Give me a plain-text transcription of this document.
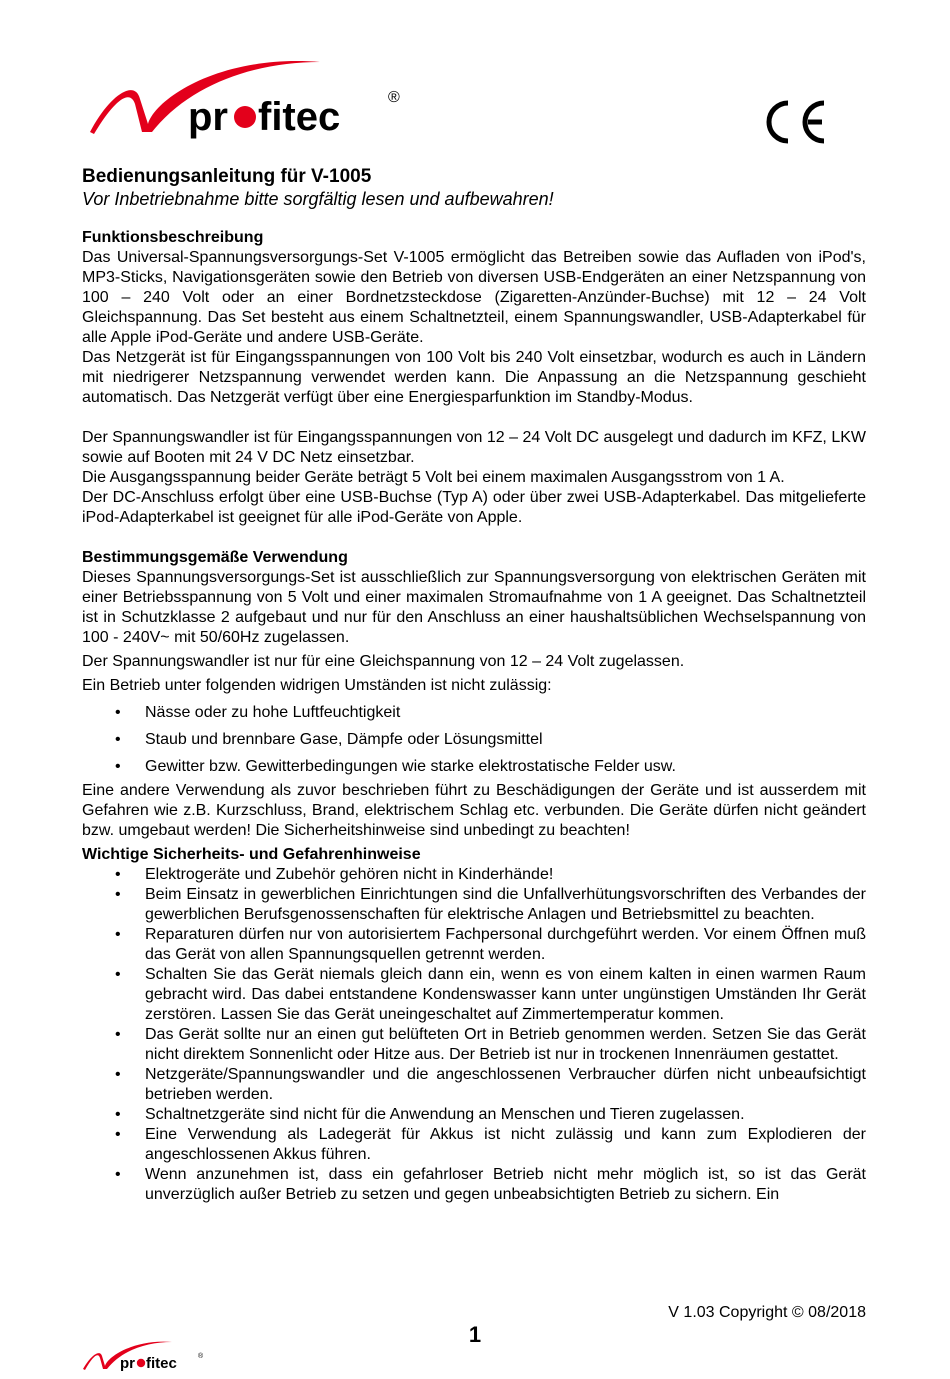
pr fitec	®
Bedienungsanleitung für V-1005
Vor Inbetriebnahme bitte sorgfältig lesen und aufbewahren!
Funktionsbeschreibung

Das Universal-Spannungsversorgungs-Set V-1005 ermöglicht das Betreiben sowie das Aufladen von iPod's, MP3-Sticks, Navigationsgeräten sowie den Betrieb von diversen USB-Endgeräten an einer Netzspannung von 100 – 240 Volt oder an einer Bordnetzsteckdose (Zigaretten-Anzünder-Buchse) mit 12 – 24 Volt Gleichspannung. Das Set besteht aus einem Schaltnetzteil, einem Spannungswandler, USB-Adapterkabel für alle Apple iPod-Geräte und andere USB-Geräte.

Das Netzgerät ist für Eingangsspannungen von 100 Volt bis 240 Volt einsetzbar, wodurch es auch in Ländern mit niedrigerer Netzspannung verwendet werden kann. Die Anpassung an die Netzspannung geschieht automatisch. Das Netzgerät verfügt über eine Energiesparfunktion im Standby-Modus.

Der Spannungswandler ist für Eingangsspannungen von 12 – 24 Volt DC ausgelegt und dadurch im KFZ, LKW sowie auf Booten mit 24 V DC Netz einsetzbar.

Die Ausgangsspannung beider Geräte beträgt 5 Volt bei einem maximalen Ausgangsstrom von 1 A.

Der DC-Anschluss erfolgt über eine USB-Buchse (Typ A) oder über zwei USB-Adapterkabel. Das mitgelieferte iPod-Adapterkabel ist geeignet für alle iPod-Geräte von Apple.

Bestimmungsgemäße Verwendung

Dieses Spannungsversorgungs-Set ist ausschließlich zur Spannungsversorgung von elektrischen Geräten mit einer Betriebsspannung von 5 Volt und einer maximalen Stromaufnahme von 1 A geeignet. Das Schaltnetzteil ist in Schutzklasse 2 aufgebaut und nur für den Anschluss an einer haushaltsüblichen Wechselspannung von 100 - 240V~ mit 50/60Hz zugelassen.

Der Spannungswandler ist nur für eine Gleichspannung von 12 – 24 Volt zugelassen.

Ein Betrieb unter folgenden widrigen Umständen ist nicht zulässig:

• Nässe oder zu hohe Luftfeuchtigkeit
• Staub und brennbare Gase, Dämpfe oder Lösungsmittel
• Gewitter bzw. Gewitterbedingungen wie starke elektrostatische Felder usw.

Eine andere Verwendung als zuvor beschrieben führt zu Beschädigungen der Geräte und ist ausserdem mit Gefahren wie z.B. Kurzschluss, Brand, elektrischem Schlag etc. verbunden. Die Geräte dürfen nicht geändert bzw. umgebaut werden! Die Sicherheitshinweise sind unbedingt zu beachten!

Wichtige Sicherheits- und Gefahrenhinweise
• Elektrogeräte und Zubehör gehören nicht in Kinderhände!
• Beim Einsatz in gewerblichen Einrichtungen sind die Unfallverhütungsvorschriften des Verbandes der gewerblichen Berufsgenossenschaften für elektrische Anlagen und Betriebsmittel zu beachten.
• Reparaturen dürfen nur von autorisiertem Fachpersonal durchgeführt werden. Vor einem Öffnen muß das Gerät von allen Spannungsquellen getrennt werden.
• Schalten Sie das Gerät niemals gleich dann ein, wenn es von einem kalten in einen warmen Raum gebracht wird. Das dabei entstandene Kondenswasser kann unter ungünstigen Umständen Ihr Gerät zerstören. Lassen Sie das Gerät uneingeschaltet auf Zimmertemperatur kommen.
• Das Gerät sollte nur an einen gut belüfteten Ort in Betrieb genommen werden. Setzen Sie das Gerät nicht direktem Sonnenlicht oder Hitze aus. Der Betrieb ist nur in trockenen Innenräumen gestattet.
• Netzgeräte/Spannungswandler und die angeschlossenen Verbraucher dürfen nicht unbeaufsichtigt betrieben werden.
• Schaltnetzgeräte sind nicht für die Anwendung an Menschen und Tieren zugelassen.
• Eine Verwendung als Ladegerät für Akkus ist nicht zulässig und kann zum Explodieren der angeschlossenen Akkus führen.
• Wenn anzunehmen ist, dass ein gefahrloser Betrieb nicht mehr möglich ist, so ist das Gerät unverzüglich außer Betrieb zu setzen und gegen unbeabsichtigten Betrieb zu sichern. Ein
V 1.03 Copyright © 08/2018
1
pr fitec	®
